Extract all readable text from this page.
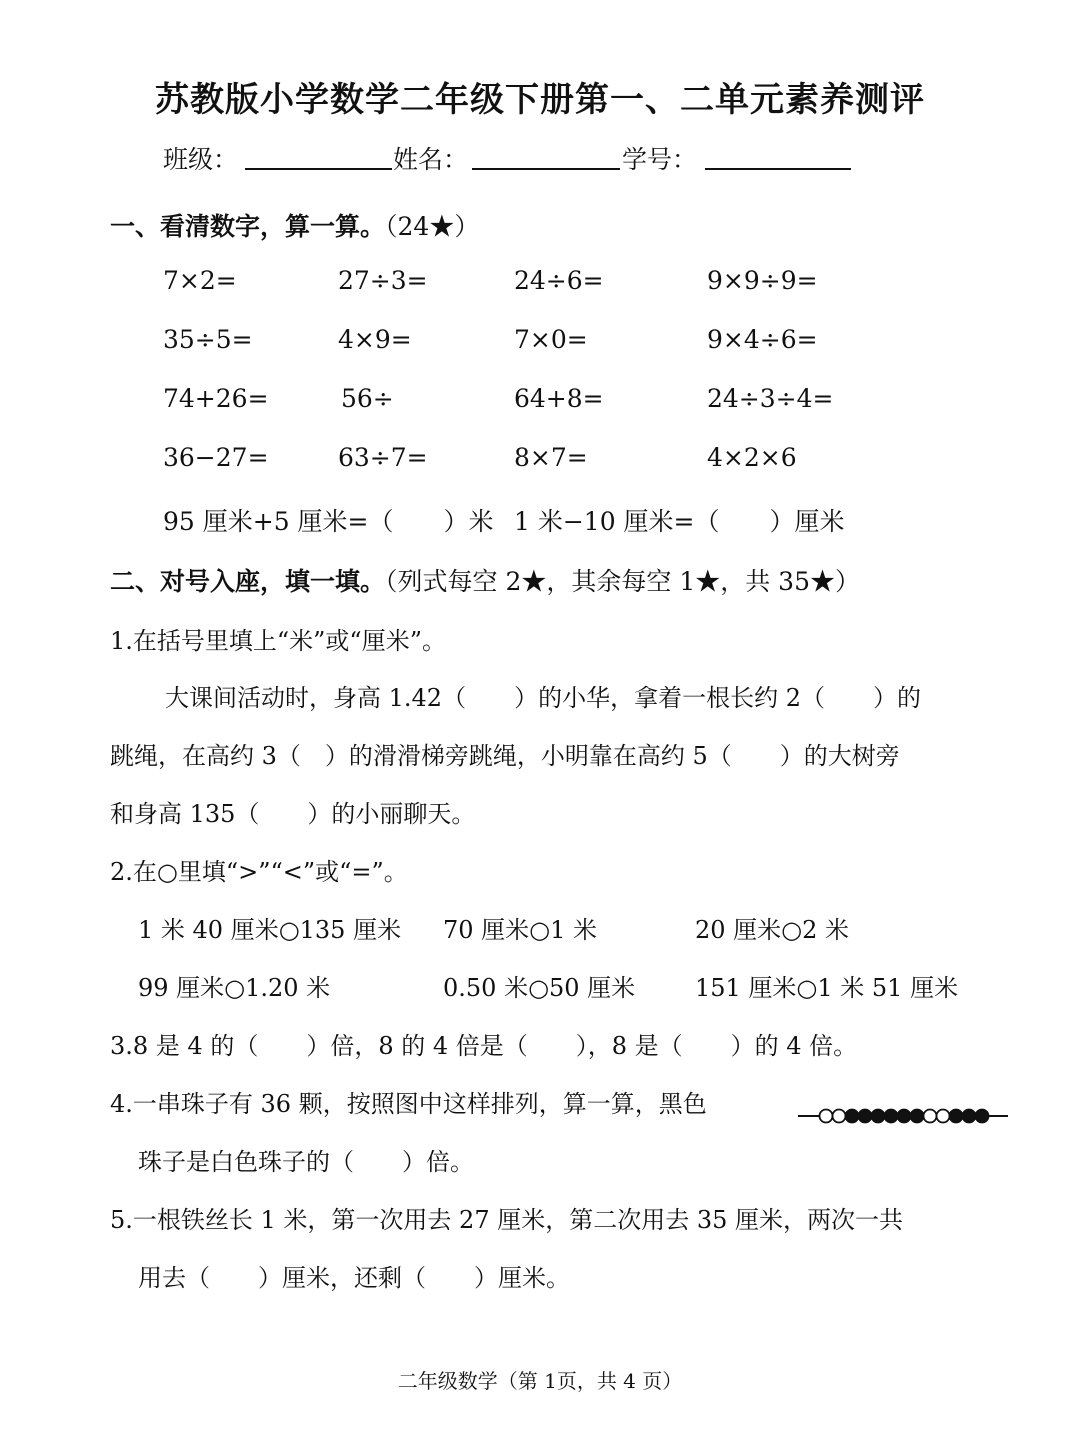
苏教版小学数学二年级下册第一、二单元素养测评
班级：	姓名：	学号：
一、看清数字，算一算。（24★）
7×2=	27÷3=	24÷6=	9×9÷9=
35÷5=	4×9=	7×0=	9×4÷6=
74+26=	56÷	64+8=	24÷3÷4=
36−27=	63÷7=	8×7=	4×2×6
95 厘米+5 厘米=（　　）米 1 米−10 厘米=（　　）厘米
二、对号入座，填一填。（列式每空 2★，其余每空 1★，共 35★）
1.在括号里填上“米”或“厘米”。
大课间活动时，身高 1.42（　　）的小华，拿着一根长约 2（　　）的
跳绳，在高约 3（　）的滑滑梯旁跳绳，小明靠在高约 5（　　）的大树旁
和身高 135（　　）的小丽聊天。
2.在○里填“>”“<”或“=”。
1 米 40 厘米○135 厘米 70 厘米○1 米	20 厘米○2 米
99 厘米○1.20 米	0.50 米○50 厘米 151 厘米○1 米 51 厘米
3.8 是 4 的（　　）倍，8 的 4 倍是（　　），8 是（　　）的 4 倍。
4.一串珠子有 36 颗，按照图中这样排列，算一算，黑色
珠子是白色珠子的（　　）倍。
5.一根铁丝长 1 米，第一次用去 27 厘米，第二次用去 35 厘米，两次一共
用去（　　）厘米，还剩（　　）厘米。
二年级数学（第 1页，共 4 页）
